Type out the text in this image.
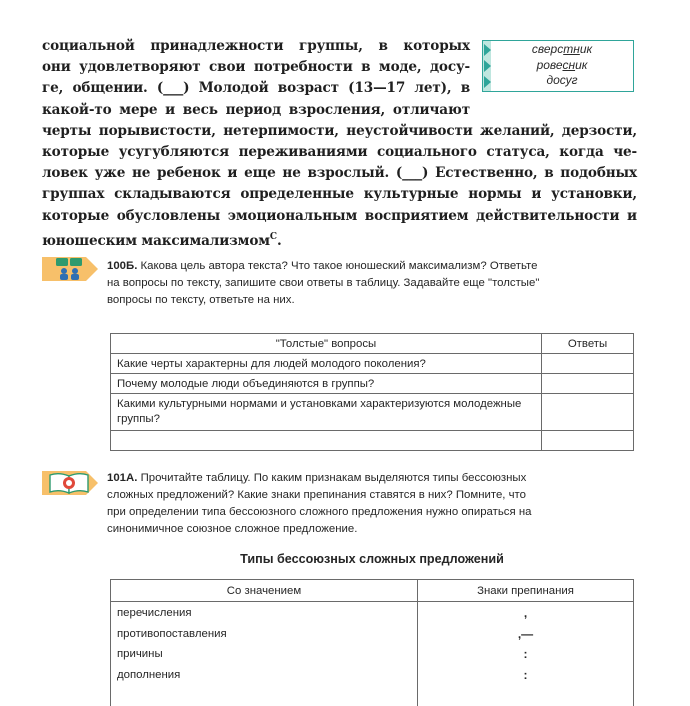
социальной принадлежности группы, в которых
они удовлетворяют свои потребности в моде, досу-
ге, общении. (___) Молодой возраст (13—17 лет), в
какой-то мере и весь период взросления, отличают
черты порывистости, нетерпимости, неустойчивости желаний, дерзости,
которые усугубляются переживаниями социального статуса, когда че-
ловек уже не ребенок и еще не взрослый. (___) Естественно, в подобных
группах складываются определенные культурные нормы и установки,
которые обусловлены эмоциональным восприятием действительности и
юношеским максимализмом$^С$.
сверстник
ровесник
досуг
100Б. Какова цель автора текста? Что такое юношеский максимализм? Ответьте
на вопросы по тексту, запишите свои ответы в таблицу. Задавайте еще "толстые"
вопросы по тексту, ответьте на них.
"Толстые" вопросы	Ответы
Какие черты характерны для людей молодого поколения?	
Почему молодые люди объединяются в группы?	
Какими культурными нормами и установками характеризуются молодежные группы?	

101А. Прочитайте таблицу. По каким признакам выделяются типы бессоюзных
сложных предложений? Какие знаки препинания ставятся в них? Помните, что
при определении типа бессоюзного сложного предложения нужно опираться на
синонимичное союзное сложное предложение.
Типы бессоюзных сложных предложений
Со значением	Знаки препинания
перечисления	,
противопоставления	,—
причины	:
дополнения	:
